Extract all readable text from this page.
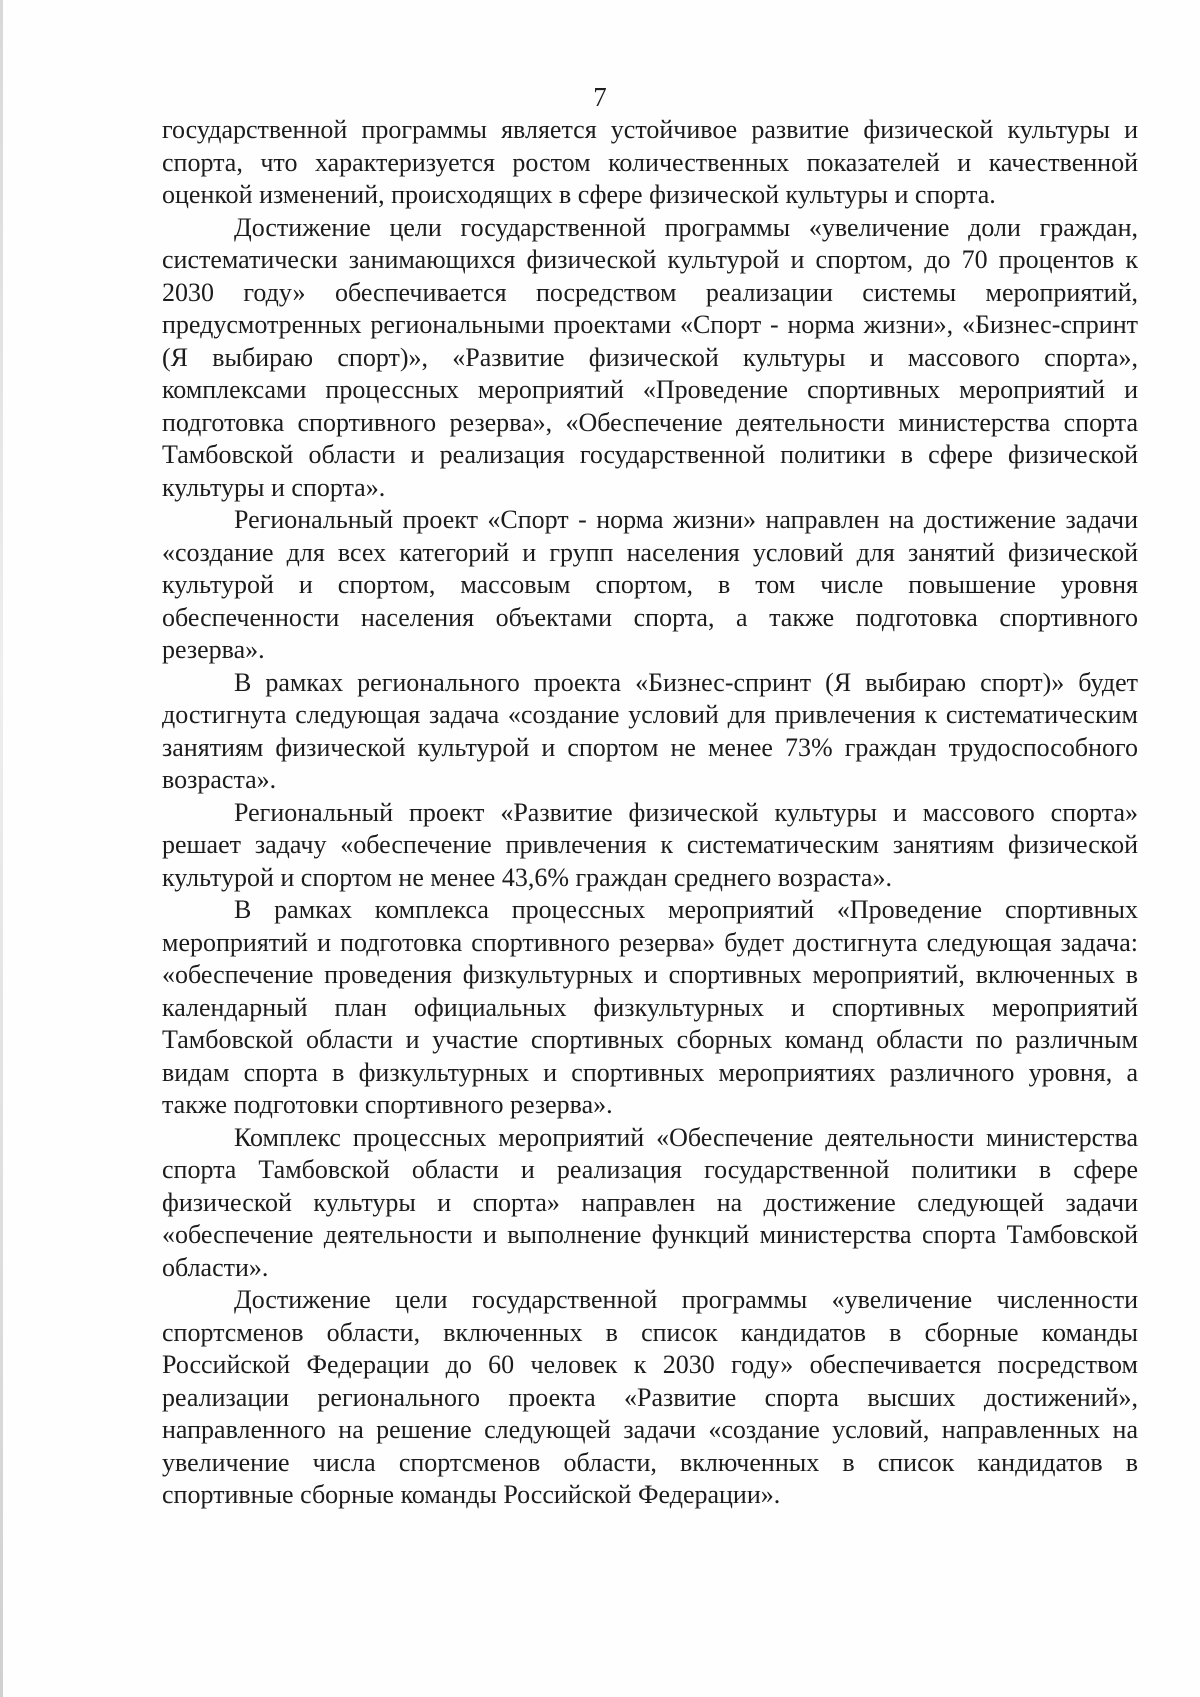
7

государственной программы является устойчивое развитие физической культуры и спорта, что характеризуется ростом количественных показателей и качественной оценкой изменений, происходящих в сфере физической культуры и спорта.

Достижение цели государственной программы «увеличение доли граждан, систематически занимающихся физической культурой и спортом, до 70 процентов к 2030 году» обеспечивается посредством реализации системы мероприятий, предусмотренных региональными проектами «Спорт - норма жизни», «Бизнес-спринт (Я выбираю спорт)», «Развитие физической культуры и массового спорта», комплексами процессных мероприятий «Проведение спортивных мероприятий и подготовка спортивного резерва», «Обеспечение деятельности министерства спорта Тамбовской области и реализация государственной политики в сфере физической культуры и спорта».

Региональный проект «Спорт - норма жизни» направлен на достижение задачи «создание для всех категорий и групп населения условий для занятий физической культурой и спортом, массовым спортом, в том числе повышение уровня обеспеченности населения объектами спорта, а также подготовка спортивного резерва».

В рамках регионального проекта «Бизнес-спринт (Я выбираю спорт)» будет достигнута следующая задача «создание условий для привлечения к систематическим занятиям физической культурой и спортом не менее 73% граждан трудоспособного возраста».

Региональный проект «Развитие физической культуры и массового спорта» решает задачу «обеспечение привлечения к систематическим занятиям физической культурой и спортом не менее 43,6% граждан среднего возраста».

В рамках комплекса процессных мероприятий «Проведение спортивных мероприятий и подготовка спортивного резерва» будет достигнута следующая задача: «обеспечение проведения физкультурных и спортивных мероприятий, включенных в календарный план официальных физкультурных и спортивных мероприятий Тамбовской области и участие спортивных сборных команд области по различным видам спорта в физкультурных и спортивных мероприятиях различного уровня, а также подготовки спортивного резерва».

Комплекс процессных мероприятий «Обеспечение деятельности министерства спорта Тамбовской области и реализация государственной политики в сфере физической культуры и спорта» направлен на достижение следующей задачи «обеспечение деятельности и выполнение функций министерства спорта Тамбовской области».

Достижение цели государственной программы «увеличение численности спортсменов области, включенных в список кандидатов в сборные команды Российской Федерации до 60 человек к 2030 году» обеспечивается посредством реализации регионального проекта «Развитие спорта высших достижений», направленного на решение следующей задачи «создание условий, направленных на увеличение числа спортсменов области, включенных в список кандидатов в спортивные сборные команды Российской Федерации».
